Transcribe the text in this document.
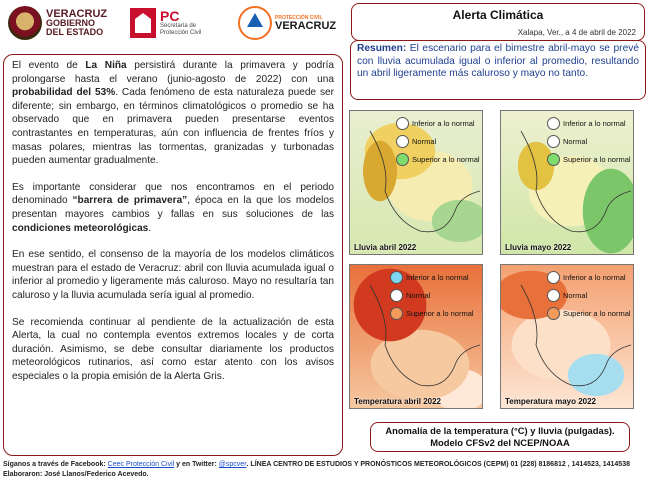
VERACRUZ
GOBIERNO
DEL ESTADO
PC
Secretaría de
Protección Civil
PROTECCIÓN CIVIL
VERACRUZ
Alerta Climática
Xalapa, Ver., a 4 de abril de 2022
Resumen: El escenario para el bimestre abril-mayo se prevé con lluvia acumulada igual o inferior al promedio, resultando un abril ligeramente más caluroso y mayo no tanto.

El evento de La Niña persistirá durante la primavera y podría prolongarse hasta el verano (junio-agosto de 2022) con una probabilidad del 53%. Cada fenómeno de esta naturaleza puede ser diferente; sin embargo, en términos climatológicos o promedio se ha observado que en primavera pueden presentarse eventos contrastantes en temperaturas, aún con influencia de frentes fríos y masas polares, mientras las tormentas, granizadas y turbonadas pueden aumentar gradualmente.

Es importante considerar que nos encontramos en el periodo denominado “barrera de primavera”, época en la que los modelos presentan mayores cambios y fallas en sus soluciones de las condiciones meteorológicas.

En ese sentido, el consenso de la mayoría de los modelos climáticos muestran para el estado de Veracruz: abril con lluvia acumulada igual o inferior al promedio y ligeramente más caluroso. Mayo no resultaría tan caluroso y la lluvia acumulada sería igual al promedio.

Se recomienda continuar al pendiente de la actualización de esta Alerta, la cual no contempla eventos extremos locales y de corta duración. Asimismo, se debe consultar diariamente los productos meteorológicos rutinarios, así como estar atento con los avisos especiales o la propia emisión de la Alerta Gris.

Inferior a lo normal
Normal
Superior a lo normal
Lluvia abril 2022
Inferior a lo normal
Normal
Superior a lo normal
Lluvia mayo 2022
Inferior a lo normal
Normal
Superior a lo normal
Temperatura abril 2022
Inferior a lo normal
Normal
Superior a lo normal
Temperatura mayo 2022
Anomalía de la temperatura (°C) y lluvia (pulgadas).
Modelo CFSv2 del NCEP/NOAA
Síganos a través de Facebook: Ceec Protección Civil y en Twitter: @spcver. LÍNEA CENTRO DE ESTUDIOS Y PRONÓSTICOS METEOROLÓGICOS (CEPM) 01 (228) 8186812 , 1414523, 1414538
Elaboraron: José Llanos/Federico Acevedo.
